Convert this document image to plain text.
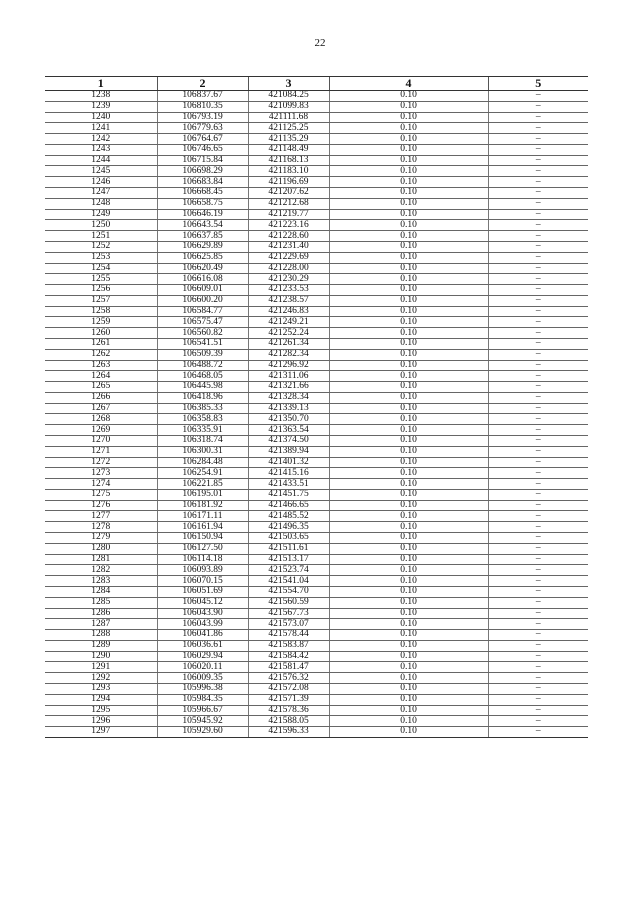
22
1	2	3	4	5
1238	106837.67	421084.25	0.10	–
1239	106810.35	421099.83	0.10	–
1240	106793.19	421111.68	0.10	–
1241	106779.63	421125.25	0.10	–
1242	106764.67	421135.29	0.10	–
1243	106746.65	421148.49	0.10	–
1244	106715.84	421168.13	0.10	–
1245	106698.29	421183.10	0.10	–
1246	106683.84	421196.69	0.10	–
1247	106668.45	421207.62	0.10	–
1248	106658.75	421212.68	0.10	–
1249	106646.19	421219.77	0.10	–
1250	106643.54	421223.16	0.10	–
1251	106637.85	421228.60	0.10	–
1252	106629.89	421231.40	0.10	–
1253	106625.85	421229.69	0.10	–
1254	106620.49	421228.00	0.10	–
1255	106616.08	421230.29	0.10	–
1256	106609.01	421233.53	0.10	–
1257	106600.20	421238.57	0.10	–
1258	106584.77	421246.83	0.10	–
1259	106575.47	421249.21	0.10	–
1260	106560.82	421252.24	0.10	–
1261	106541.51	421261.34	0.10	–
1262	106509.39	421282.34	0.10	–
1263	106488.72	421296.92	0.10	–
1264	106468.05	421311.06	0.10	–
1265	106445.98	421321.66	0.10	–
1266	106418.96	421328.34	0.10	–
1267	106385.33	421339.13	0.10	–
1268	106358.83	421350.70	0.10	–
1269	106335.91	421363.54	0.10	–
1270	106318.74	421374.50	0.10	–
1271	106300.31	421389.94	0.10	–
1272	106284.48	421401.32	0.10	–
1273	106254.91	421415.16	0.10	–
1274	106221.85	421433.51	0.10	–
1275	106195.01	421451.75	0.10	–
1276	106181.92	421466.65	0.10	–
1277	106171.11	421485.52	0.10	–
1278	106161.94	421496.35	0.10	–
1279	106150.94	421503.65	0.10	–
1280	106127.50	421511.61	0.10	–
1281	106114.18	421513.17	0.10	–
1282	106093.89	421523.74	0.10	–
1283	106070.15	421541.04	0.10	–
1284	106051.69	421554.70	0.10	–
1285	106045.12	421560.59	0.10	–
1286	106043.90	421567.73	0.10	–
1287	106043.99	421573.07	0.10	–
1288	106041.86	421578.44	0.10	–
1289	106036.61	421583.87	0.10	–
1290	106029.94	421584.42	0.10	–
1291	106020.11	421581.47	0.10	–
1292	106009.35	421576.32	0.10	–
1293	105996.38	421572.08	0.10	–
1294	105984.35	421571.39	0.10	–
1295	105966.67	421578.36	0.10	–
1296	105945.92	421588.05	0.10	–
1297	105929.60	421596.33	0.10	–
